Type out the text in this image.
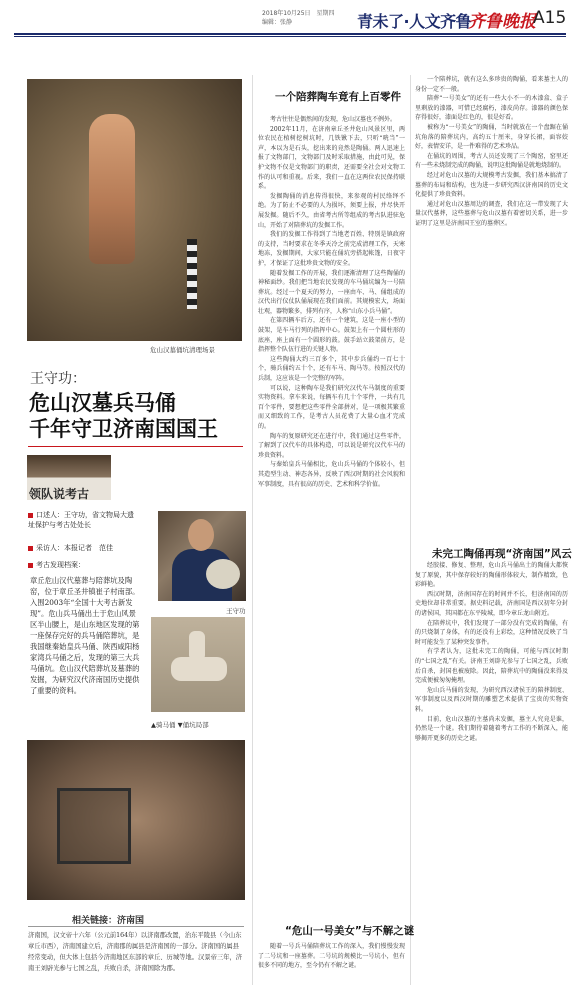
2018年10月25日　星期四
编辑：张静	青未了·人文齐鲁
齐鲁晚报
A15
危山汉墓俑坑清理场景
王守功：
危山汉墓兵马俑
千年守卫济南国国王
领队说考古
口述人：王守功，省文物局大遗址保护与考古处处长
采访人：本报记者　范佳
考古发现档案：
章丘危山汉代墓葬与陪葬坑及陶窑，位于章丘圣井镇崔子村南部。入围2003年“全国十大考古新发现”。危山兵马俑出土于危山风景区半山腰上，是山东地区发现的第一座保存完好的兵马俑陪葬坑，是我国继秦始皇兵马俑、陕西咸阳杨家湾兵马俑之后，发现的第三大兵马俑坑。危山汉代陪葬坑及墓葬的发掘，为研究汉代济南国历史提供了重要的资料。
王守功
▲骑马俑 ▼俑坑局部
相关链接：济南国
济南国，汉文帝十六年（公元前164年）以济南郡改置，治东平陵县（今山东章丘市西），济南国建立后，济南郡的属县是济南国的一部分。济南国的属县经常变动，但大体上包括今济南地区东部的章丘、历城等地。汉景帝三年，济南王刘辟光参与七国之乱，兵败自杀，济南国除为郡。
一个陪葬陶车竟有上百零件

考古往往是偶然间的发现，危山汉墓也不例外。

2002年11月，在济南章丘圣井危山风景区里，两位农民在植树挖树坑时，几铁锹下去，只听“咣当”一声，本以为是石头，挖出来的竟然是陶俑。两人迅速上报了文物部门，文物部门及时采取措施，由此可见，保护文物不仅是文物部门的职责，还需要全社会对文物工作的认可和重视。后来，我们一直在这两位农民保持联系。

发掘陶俑的消息传得很快，来参观的村民络绎不绝。为了防止不必要的人为损坏，须要上报，并尽快开展发掘。随后不久，由省考古所等组成的考古队进驻危山，开始了对陪葬坑的发掘工作。

我们的发掘工作得到了当地老百姓、特别是镇政府的支持，当时要求在冬季天冷之前完成清理工作，天寒地冻，发掘期间，大家只能在俑坑旁搭起帐篷，日夜守护，才保证了这批珍贵文物的安全。

随着发掘工作的开展，我们逐渐清理了这些陶俑的神秘面纱。我们把当地农民发现的车马俑坑编为一号陪葬坑。经过一个夏天的努力，一座由车、马、俑组成的汉代出行仪仗队俑展现在我们面前。其规模宏大，场面壮观，器物繁多，排列有序，人称“山东小兵马俑”。

在第四辆车后方，还有一个建筑，这是一座小型的鼓架，是车马行列的指挥中心。鼓架上有一个圆柱形的底座，座上面有一个圆形的鼓。鼓手站立鼓架前方，是指挥整个队伍行进的关键人物。

这些陶俑大约三百多个，其中步兵俑约一百七十个，骑兵俑约五十个，还有车马、陶马等。按照汉代的兵制，这应该是一个完整的军阵。

可以说，这种陶车是我们研究汉代车马制度的重要实物资料。拿车来说，每辆车有几十个零件，一共有几百个零件，要想把这些零件全部拼对，是一项极其繁重而又细致的工作，是考古人员花费了大量心血才完成的。

陶车的复原研究还在进行中，我们通过这些零件，了解到了汉代车的具体构造，可以说是研究汉代车马的珍贵资料。

与秦始皇兵马俑相比，危山兵马俑的个体较小，但其造型生动、神态各异，反映了西汉时期的社会风貌和军事制度，具有很高的历史、艺术和科学价值。

“危山一号美女”与不解之谜

随着一号兵马俑陪葬坑工作的深入，我们慢慢发现了二号坑和一座墓葬。二号坑的规模比一号坑小，但有很多不同的地方，至今仍有不解之谜。

一个陪葬坑，就有这么多珍贵的陶俑，看来墓主人的身份一定不一般。

陪葬“一号美女”的还有一些大小不一的木漆盒、盒子里剩放的漆器，可惜已经腐朽，漆皮尚存。漆器的颜色保存得很好，漆面是红色的，很是好看。

被称为“一号美女”的陶俑，当时就放在一个盘踞在俑坑角落的陪葬坑内，高约五十厘米，身穿长裙，面容姣好，表情安详，是一件难得的艺术珍品。

在俑坑的周围，考古人员还发现了三个陶窑，窑里还有一些未烧制完成的陶俑，说明这批陶俑是就地烧制的。

经过对危山汉墓的大规模考古发掘，我们基本搞清了墓葬的布局和结构，也为进一步研究西汉济南国的历史文化提供了珍贵资料。

通过对危山汉墓周边的调查，我们在这一带发现了大量汉代墓葬，这些墓葬与危山汉墓有着密切关系，进一步证明了这里是济南国王室的墓葬区。

未完工陶俑再现“济南国”风云

经胶接、修复、整理，危山兵马俑出土的陶俑大都恢复了原貌，其中保存较好的陶俑形体较大，制作精致，色彩鲜艳。

西汉时期，济南国存在的时间并不长，但济南国的历史地位却非常重要。据史料记载，济南国是西汉初年分封的诸侯国，其国都在东平陵城，即今章丘龙山附近。

在陪葬坑中，我们发现了一部分没有完成的陶俑，有的只烧制了身体，有的还没有上彩绘，这种情况反映了当时可能发生了某种突发事件。

有学者认为，这批未完工的陶俑，可能与西汉时期的“七国之乱”有关。济南王刘辟光参与了七国之乱，兵败后自杀，封国也被废除。因此，陪葬坑中的陶俑没来得及完成便被匆匆掩埋。

危山兵马俑的发现，为研究西汉诸侯王的陪葬制度、军事制度以及西汉时期的雕塑艺术提供了宝贵的实物资料。

目前，危山汉墓的主墓尚未发掘，墓主人究竟是谁，仍然是一个谜。我们期待着随着考古工作的不断深入，能够揭开更多的历史之谜。
